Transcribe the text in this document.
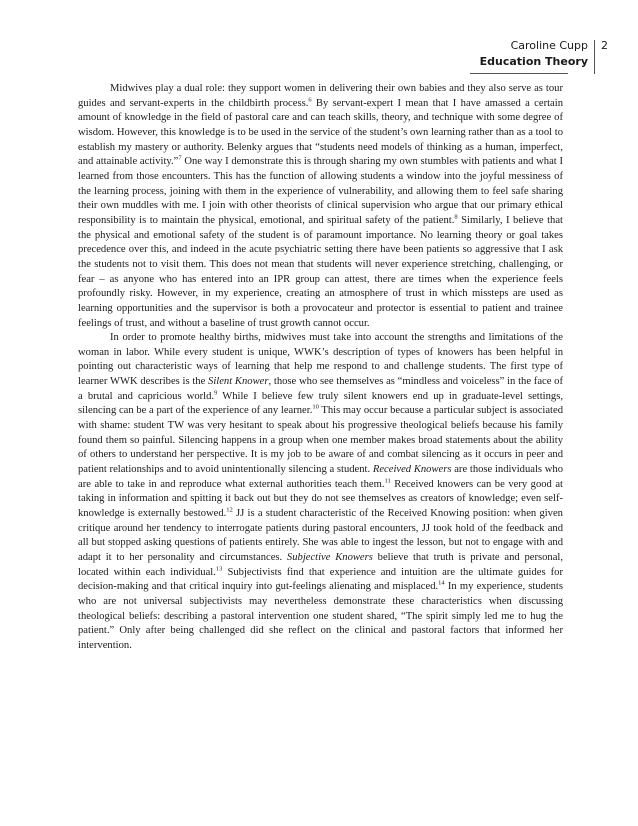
Caroline Cupp
Education Theory
2

Midwives play a dual role: they support women in delivering their own babies and they also serve as tour guides and servant-experts in the childbirth process.$^6$ By servant-expert I mean that I have amassed a certain amount of knowledge in the field of pastoral care and can teach skills, theory, and technique with some degree of wisdom. However, this knowledge is to be used in the service of the student’s own learning rather than as a tool to establish my mastery or authority. Belenky argues that “students need models of thinking as a human, imperfect, and attainable activity.”$^7$ One way I demonstrate this is through sharing my own stumbles with patients and what I learned from those encounters. This has the function of allowing students a window into the joyful messiness of the learning process, joining with them in the experience of vulnerability, and allowing them to feel safe sharing their own muddles with me. I join with other theorists of clinical supervision who argue that our primary ethical responsibility is to maintain the physical, emotional, and spiritual safety of the patient.$^8$ Similarly, I believe that the physical and emotional safety of the student is of paramount importance. No learning theory or goal takes precedence over this, and indeed in the acute psychiatric setting there have been patients so aggressive that I ask the students not to visit them. This does not mean that students will never experience stretching, challenging, or fear – as anyone who has entered into an IPR group can attest, there are times when the experience feels profoundly risky. However, in my experience, creating an atmosphere of trust in which missteps are used as learning opportunities and the supervisor is both a provocateur and protector is essential to patient and trainee feelings of trust, and without a baseline of trust growth cannot occur.

In order to promote healthy births, midwives must take into account the strengths and limitations of the woman in labor. While every student is unique, WWK’s description of types of knowers has been helpful in pointing out characteristic ways of learning that help me respond to and challenge students. The first type of learner WWK describes is the Silent Knower, those who see themselves as “mindless and voiceless” in the face of a brutal and capricious world.$^9$ While I believe few truly silent knowers end up in graduate-level settings, silencing can be a part of the experience of any learner.$^{10}$ This may occur because a particular subject is associated with shame: student TW was very hesitant to speak about his progressive theological beliefs because his family found them so painful. Silencing happens in a group when one member makes broad statements about the ability of others to understand her perspective. It is my job to be aware of and combat silencing as it occurs in peer and patient relationships and to avoid unintentionally silencing a student. Received Knowers are those individuals who are able to take in and reproduce what external authorities teach them.$^{11}$ Received knowers can be very good at taking in information and spitting it back out but they do not see themselves as creators of knowledge; even self-knowledge is externally bestowed.$^{12}$ JJ is a student characteristic of the Received Knowing position: when given critique around her tendency to interrogate patients during pastoral encounters, JJ took hold of the feedback and all but stopped asking questions of patients entirely. She was able to ingest the lesson, but not to engage with and adapt it to her personality and circumstances. Subjective Knowers believe that truth is private and personal, located within each individual.$^{13}$ Subjectivists find that experience and intuition are the ultimate guides for decision-making and that critical inquiry into gut-feelings alienating and misplaced.$^{14}$ In my experience, students who are not universal subjectivists may nevertheless demonstrate these characteristics when discussing theological beliefs: describing a pastoral intervention one student shared, “The spirit simply led me to hug the patient.” Only after being challenged did she reflect on the clinical and pastoral factors that informed her intervention.
